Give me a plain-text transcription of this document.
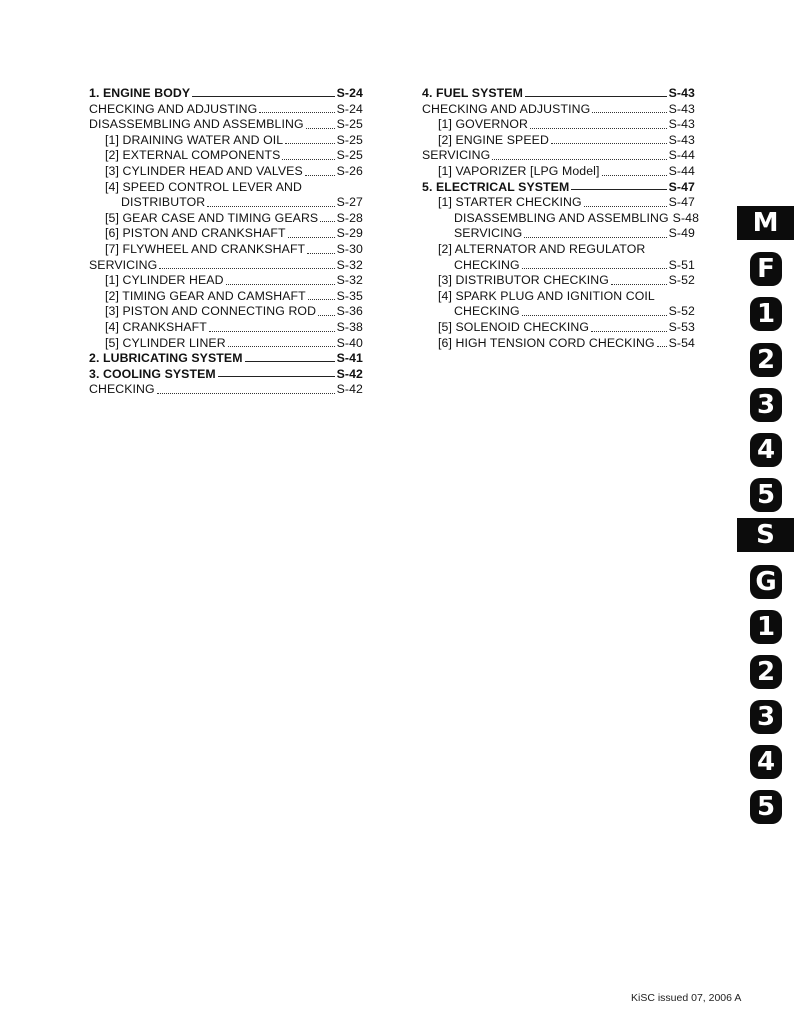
1. ENGINE BODY	S-24
CHECKING AND ADJUSTING	S-24
DISASSEMBLING AND ASSEMBLING	S-25
[1] DRAINING WATER AND OIL	S-25
[2] EXTERNAL COMPONENTS	S-25
[3] CYLINDER HEAD AND VALVES	S-26
[4] SPEED CONTROL LEVER AND
DISTRIBUTOR	S-27
[5] GEAR CASE AND TIMING GEARS S-28
[6] PISTON AND CRANKSHAFT	S-29
[7] FLYWHEEL AND CRANKSHAFT	S-30
SERVICING	S-32
[1] CYLINDER HEAD	S-32
[2] TIMING GEAR AND CAMSHAFT	S-35
[3] PISTON AND CONNECTING ROD S-36
[4] CRANKSHAFT	S-38
[5] CYLINDER LINER	S-40
2. LUBRICATING SYSTEM	S-41
3. COOLING SYSTEM	S-42
CHECKING	S-42
4. FUEL SYSTEM	S-43
CHECKING AND ADJUSTING	S-43
[1] GOVERNOR	S-43
[2] ENGINE SPEED	S-43
SERVICING	S-44
[1] VAPORIZER [LPG Model]	S-44
5. ELECTRICAL SYSTEM	S-47
[1] STARTER CHECKING	S-47
DISASSEMBLING AND ASSEMBLING S-48
SERVICING	S-49
[2] ALTERNATOR AND REGULATOR
CHECKING	S-51
[3] DISTRIBUTOR CHECKING	S-52
[4] SPARK PLUG AND IGNITION COIL
CHECKING	S-52
[5] SOLENOID CHECKING	S-53
[6] HIGH TENSION CORD CHECKING S-54
M
F
1
2
3
4
5
S
G
1
2
3
4
5
KiSC issued 07, 2006 A
